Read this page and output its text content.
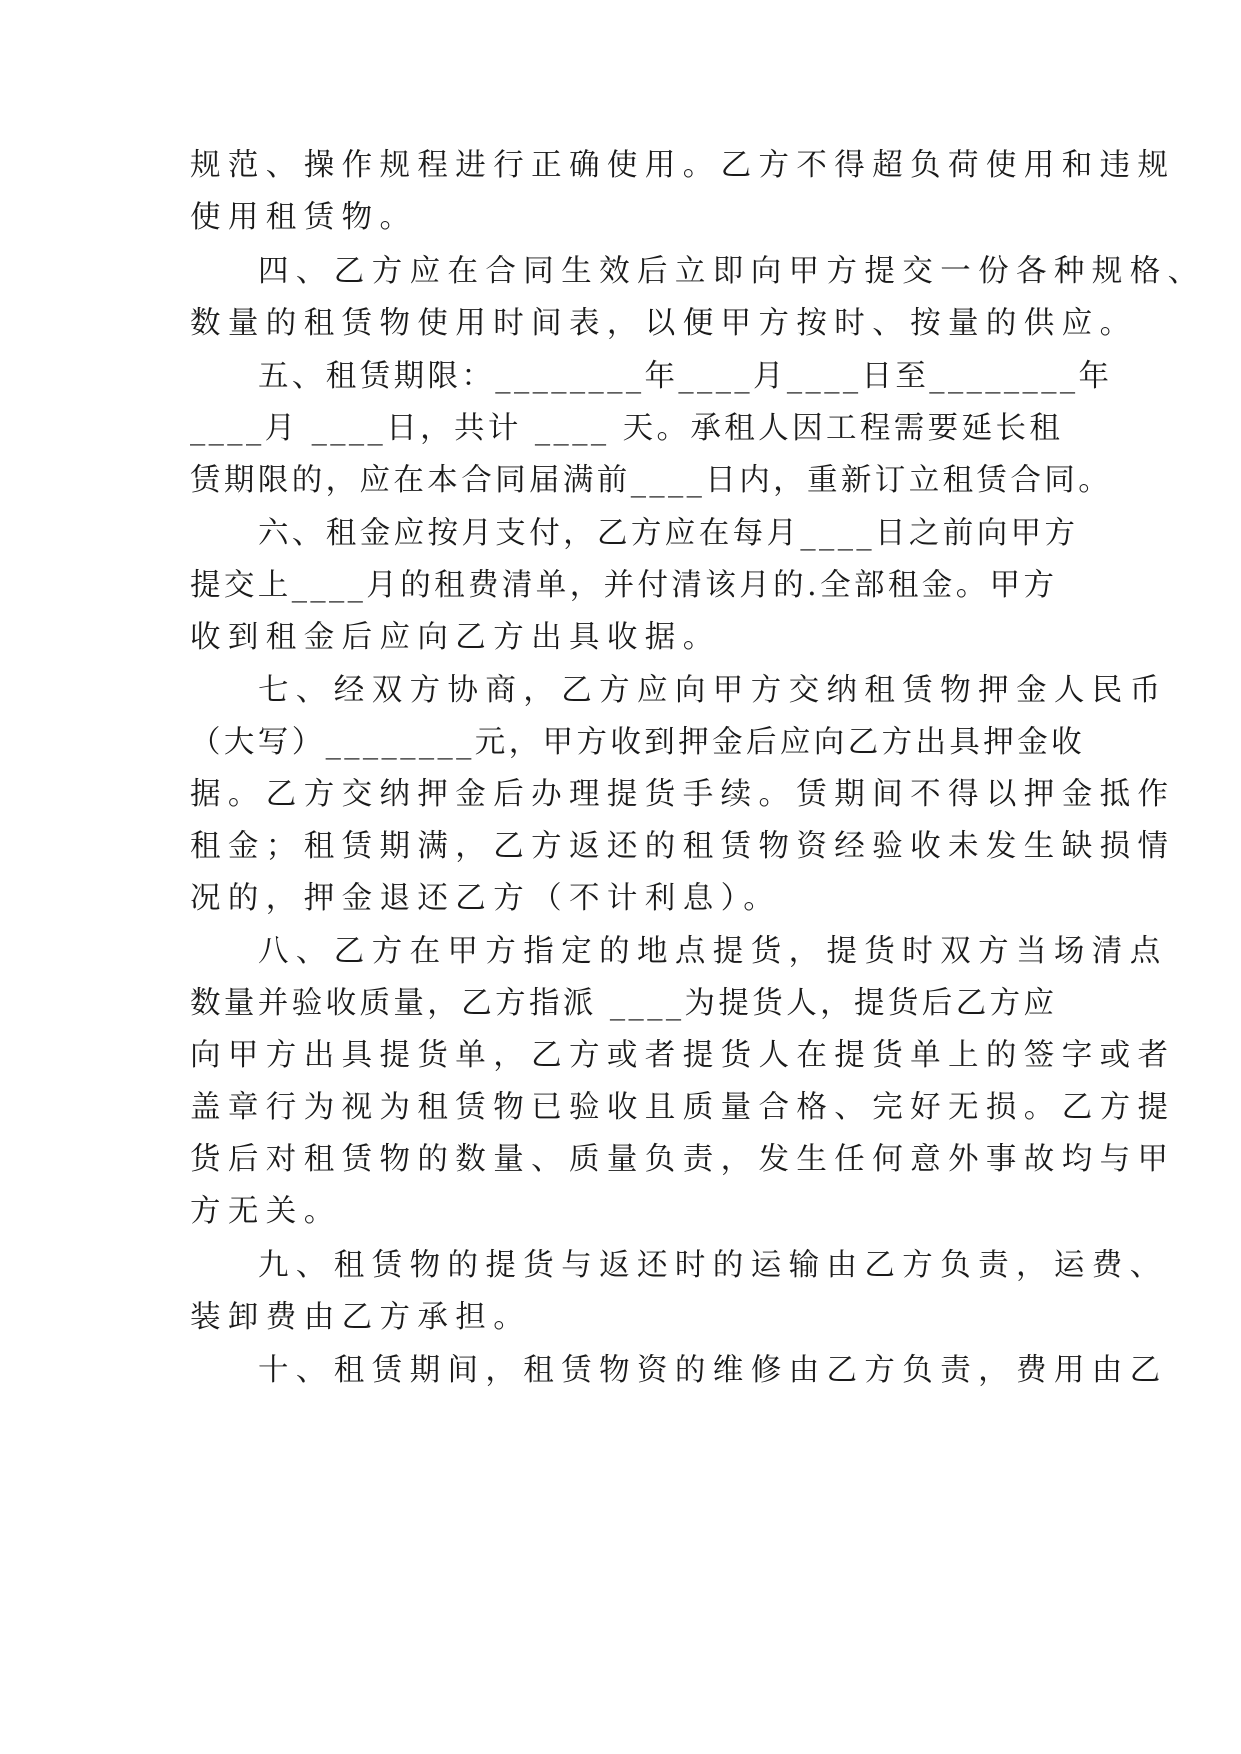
规范、操作规程进行正确使用。乙方不得超负荷使用和违规
使用租赁物。
四、乙方应在合同生效后立即向甲方提交一份各种规格、
数量的租赁物使用时间表，以便甲方按时、按量的供应。
五、租赁期限：________年____月____日至________年
____月 ____日，共计 ____ 天。承租人因工程需要延长租
赁期限的，应在本合同届满前____日内，重新订立租赁合同。
六、租金应按月支付，乙方应在每月____日之前向甲方
提交上____月的租费清单，并付清该月的.全部租金。甲方
收到租金后应向乙方出具收据。
七、经双方协商，乙方应向甲方交纳租赁物押金人民币
（大写）________元，甲方收到押金后应向乙方出具押金收
据。乙方交纳押金后办理提货手续。赁期间不得以押金抵作
租金；租赁期满，乙方返还的租赁物资经验收未发生缺损情
况的，押金退还乙方（不计利息）。
八、乙方在甲方指定的地点提货，提货时双方当场清点
数量并验收质量，乙方指派 ____为提货人，提货后乙方应
向甲方出具提货单，乙方或者提货人在提货单上的签字或者
盖章行为视为租赁物已验收且质量合格、完好无损。乙方提
货后对租赁物的数量、质量负责，发生任何意外事故均与甲
方无关。
九、租赁物的提货与返还时的运输由乙方负责，运费、
装卸费由乙方承担。
十、租赁期间，租赁物资的维修由乙方负责，费用由乙
